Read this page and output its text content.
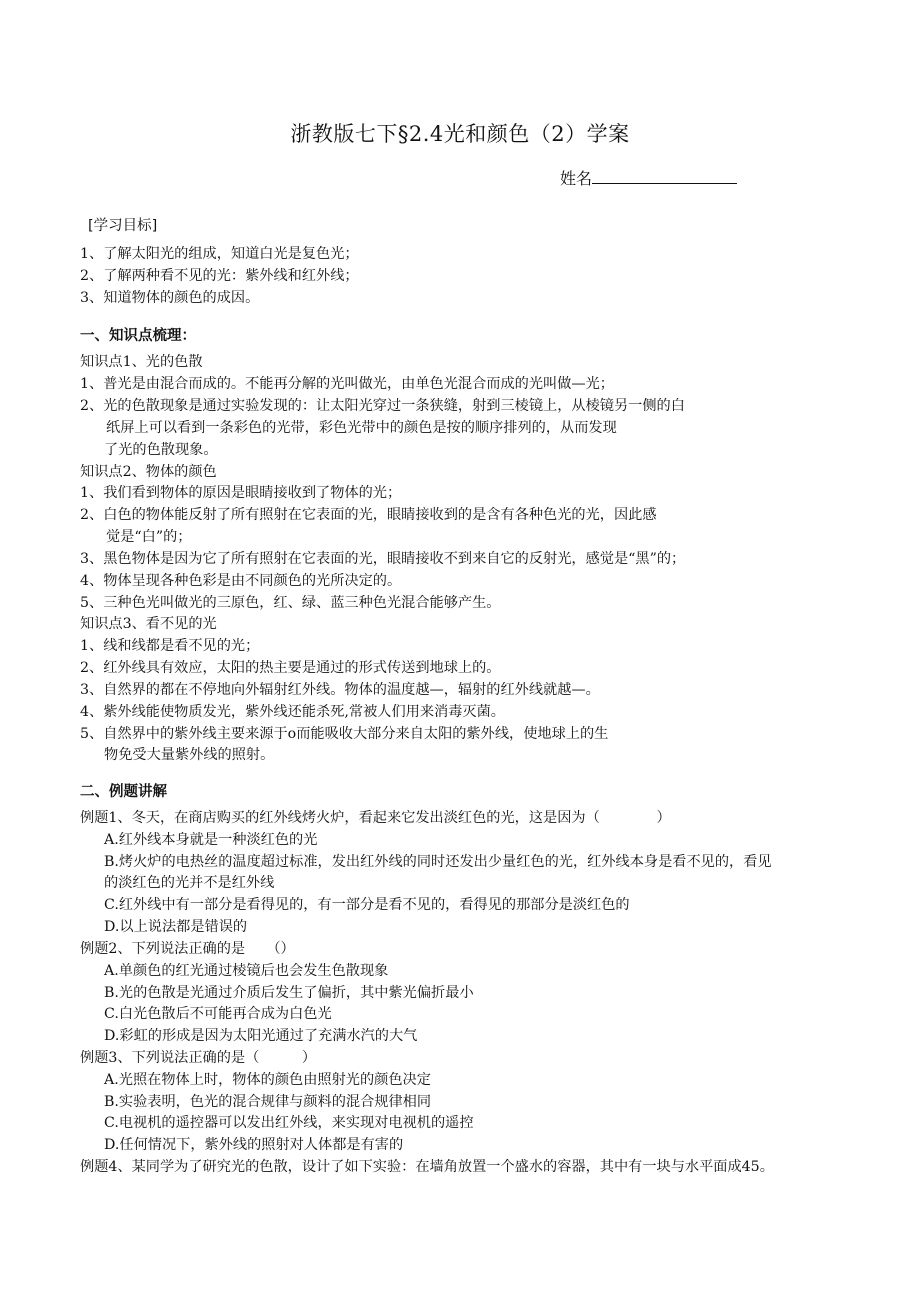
浙教版七下§2.4光和颜色（2）学案
姓名
[学习目标]
1、了解太阳光的组成，知道白光是复色光；
2、了解两种看不见的光：紫外线和红外线；
3、知道物体的颜色的成因。
一、知识点梳理：
知识点1、光的色散
1、普光是由混合而成的。不能再分解的光叫做光，由单色光混合而成的光叫做—光；
2、光的色散现象是通过实验发现的：让太阳光穿过一条狭缝，射到三棱镜上，从棱镜另一侧的白
纸屏上可以看到一条彩色的光带，彩色光带中的颜色是按的顺序排列的，从而发现
了光的色散现象。
知识点2、物体的颜色
1、我们看到物体的原因是眼睛接收到了物体的光；
2、白色的物体能反射了所有照射在它表面的光，眼睛接收到的是含有各种色光的光，因此感
觉是“白”的；
3、黑色物体是因为它了所有照射在它表面的光，眼睛接收不到来自它的反射光，感觉是“黑”的；
4、物体呈现各种色彩是由不同颜色的光所决定的。
5、三种色光叫做光的三原色，红、绿、蓝三种色光混合能够产生。
知识点3、看不见的光
1、线和线都是看不见的光；
2、红外线具有效应，太阳的热主要是通过的形式传送到地球上的。
3、自然界的都在不停地向外辐射红外线。物体的温度越—，辐射的红外线就越—。
4、紫外线能使物质发光，紫外线还能杀死,常被人们用来消毒灭菌。
5、自然界中的紫外线主要来源于o而能吸收大部分来自太阳的紫外线，使地球上的生
物免受大量紫外线的照射。
二、例题讲解
例题1、冬天，在商店购买的红外线烤火炉，看起来它发出淡红色的光，这是因为（　　　　）
A.红外线本身就是一种淡红色的光
B.烤火炉的电热丝的温度超过标准，发出红外线的同时还发出少量红色的光，红外线本身是看不见的，看见
的淡红色的光并不是红外线
C.红外线中有一部分是看得见的，有一部分是看不见的，看得见的那部分是淡红色的
D.以上说法都是错误的
例题2、下列说法正确的是　　（）
A.单颜色的红光通过棱镜后也会发生色散现象
B.光的色散是光通过介质后发生了偏折，其中紫光偏折最小
C.白光色散后不可能再合成为白色光
D.彩虹的形成是因为太阳光通过了充满水汽的大气
例题3、下列说法正确的是（　　　）
A.光照在物体上时，物体的颜色由照射光的颜色决定
B.实验表明，色光的混合规律与颜料的混合规律相同
C.电视机的遥控器可以发出红外线，来实现对电视机的遥控
D.任何情况下，紫外线的照射对人体都是有害的
例题4、某同学为了研究光的色散，设计了如下实验：在墙角放置一个盛水的容器，其中有一块与水平面成45。
